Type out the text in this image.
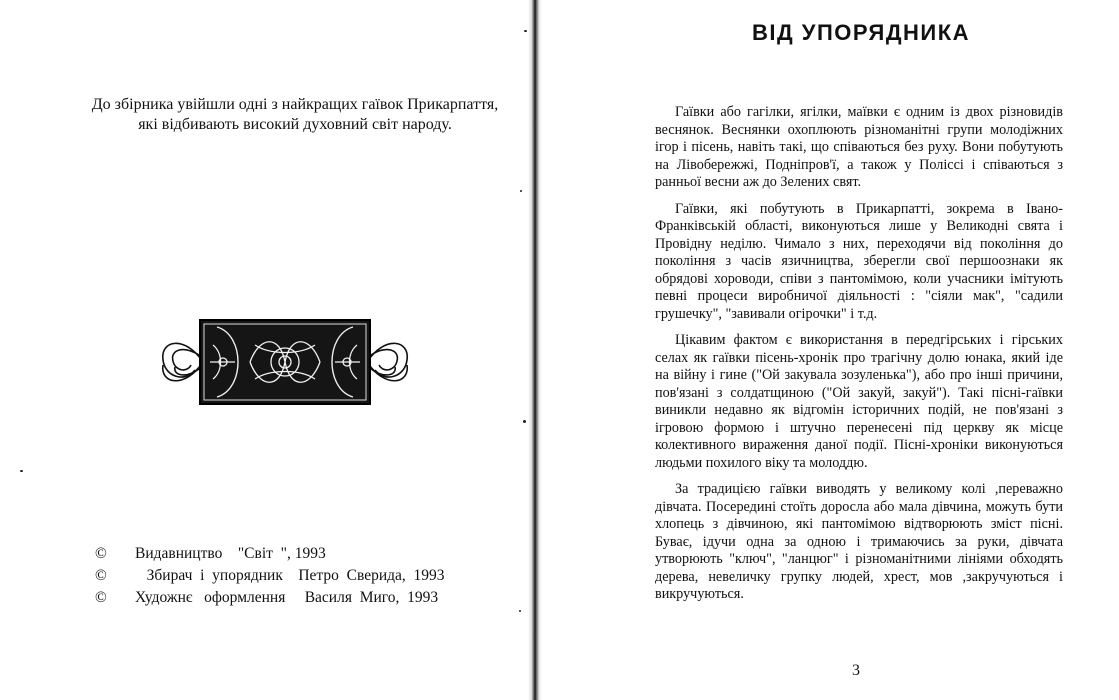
До збірника увійшли одні з найкращих гаївок Прикарпаття, які відбивають високий духовний світ народу.
©	Видавництво    "Світ  ", 1993
©	Збирач  і  упорядник    Петро  Сверида,  1993
©	Художнє   оформлення     Василя  Миго,  1993
ВІД УПОРЯДНИКА

Гаївки або гагілки, ягілки, маївки є одним із двох різновидів веснянок. Веснянки охоплюють різноманітні групи молодіжних ігор і пісень, навіть такі, що співаються без руху. Вони побутують на Лівобережжі, Подніпров'ї, а також у Поліссі і співаються з ранньої весни аж до Зелених свят.

Гаївки, які побутують в Прикарпатті, зокрема в Івано-Франківській області, виконуються лише у Великодні свята і Провідну неділю. Чимало з них, переходячи від покоління до покоління з часів язичництва, зберегли свої першоознаки як обрядові хороводи, співи з пантомімою, коли учасники імітують певні процеси виробничої діяльності : "сіяли мак", "садили грушечку", "завивали огірочки" і т.д.

Цікавим фактом є використання в передгірських і гірських селах як гаївки пісень-хронік про трагічну долю юнака, який іде на війну і гине ("Ой закувала зозуленька"), або про інші причини, пов'язані з солдатщиною ("Ой закуй, закуй"). Такі пісні-гаївки виникли недавно як відгомін історичних подій, не пов'язані з ігровою формою і штучно перенесені під церкву як місце колективного вираження даної події. Пісні-хроніки виконуються людьми похилого віку та молоддю.

За традицією гаївки виводять у великому колі ,переважно дівчата. Посередині стоїть доросла або мала дівчина, можуть бути хлопець з дівчиною, які пантомімою відтворюють зміст пісні. Буває, ідучи одна за одною і тримаючись за руки, дівчата утворюють "ключ", "ланцюг" і різноманітними лініями обходять дерева, невеличку групку людей, хрест, мов ,закручуються і викручуються.

3
